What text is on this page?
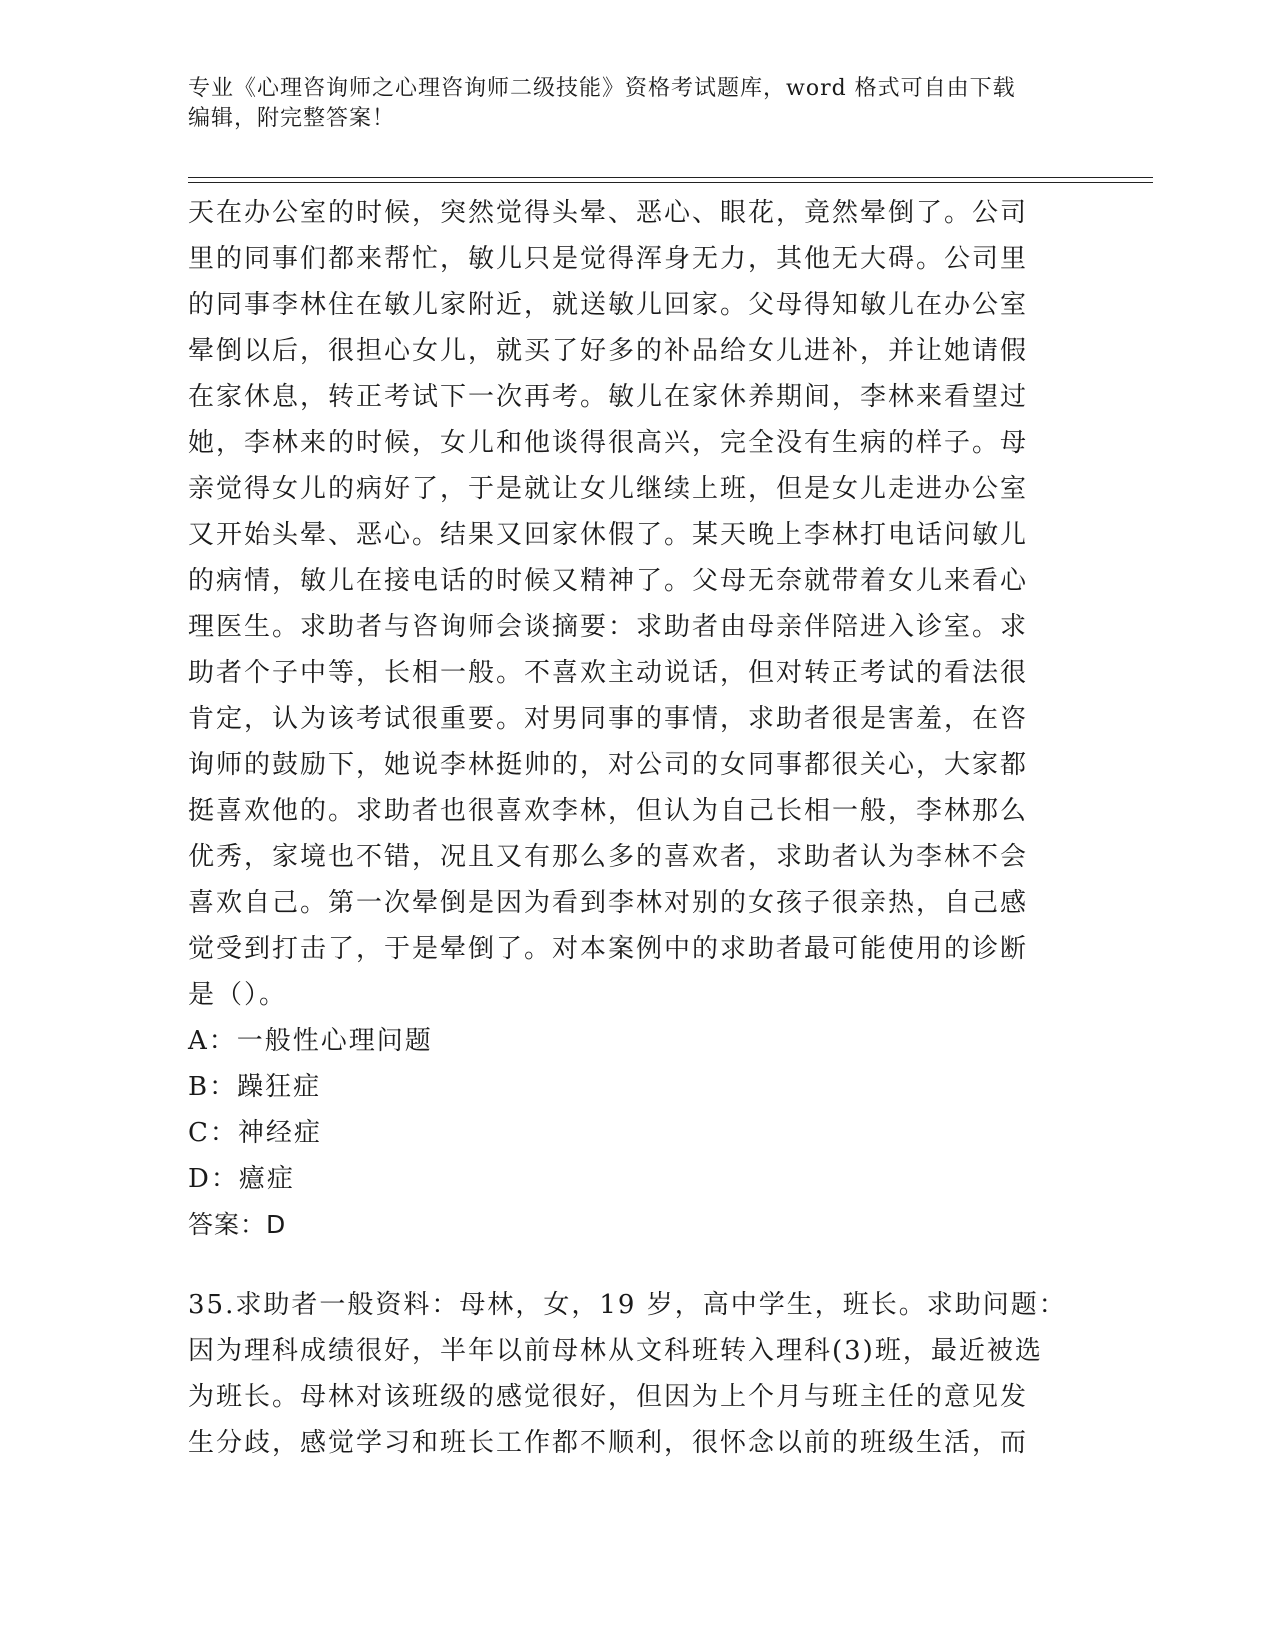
专业《心理咨询师之心理咨询师二级技能》资格考试题库，word 格式可自由下载
编辑，附完整答案！
天在办公室的时候，突然觉得头晕、恶心、眼花，竟然晕倒了。公司
里的同事们都来帮忙，敏儿只是觉得浑身无力，其他无大碍。公司里
的同事李林住在敏儿家附近，就送敏儿回家。父母得知敏儿在办公室
晕倒以后，很担心女儿，就买了好多的补品给女儿进补，并让她请假
在家休息，转正考试下一次再考。敏儿在家休养期间，李林来看望过
她，李林来的时候，女儿和他谈得很高兴，完全没有生病的样子。母
亲觉得女儿的病好了，于是就让女儿继续上班，但是女儿走进办公室
又开始头晕、恶心。结果又回家休假了。某天晚上李林打电话问敏儿
的病情，敏儿在接电话的时候又精神了。父母无奈就带着女儿来看心
理医生。求助者与咨询师会谈摘要：求助者由母亲伴陪进入诊室。求
助者个子中等，长相一般。不喜欢主动说话，但对转正考试的看法很
肯定，认为该考试很重要。对男同事的事情，求助者很是害羞，在咨
询师的鼓励下，她说李林挺帅的，对公司的女同事都很关心，大家都
挺喜欢他的。求助者也很喜欢李林，但认为自己长相一般，李林那么
优秀，家境也不错，况且又有那么多的喜欢者，求助者认为李林不会
喜欢自己。第一次晕倒是因为看到李林对别的女孩子很亲热，自己感
觉受到打击了，于是晕倒了。对本案例中的求助者最可能使用的诊断
是（）。
A：一般性心理问题
B：躁狂症
C：神经症
D：癔症
答案：D
35.求助者一般资料：母林，女，19 岁，高中学生，班长。求助问题：
因为理科成绩很好，半年以前母林从文科班转入理科(3)班，最近被选
为班长。母林对该班级的感觉很好，但因为上个月与班主任的意见发
生分歧，感觉学习和班长工作都不顺利，很怀念以前的班级生活，而
